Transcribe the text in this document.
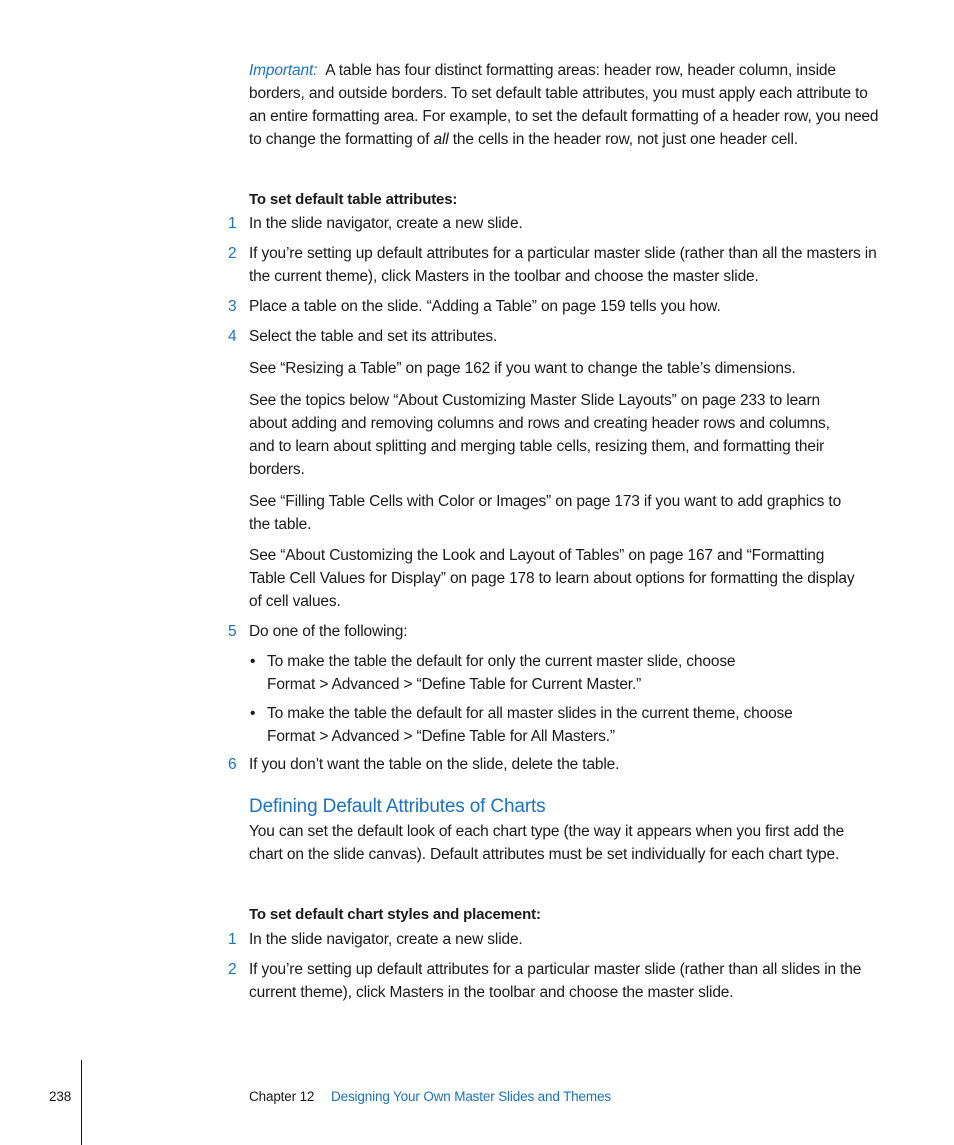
Important: A table has four distinct formatting areas: header row, header column, inside borders, and outside borders. To set default table attributes, you must apply each attribute to an entire formatting area. For example, to set the default formatting of a header row, you need to change the formatting of all the cells in the header row, not just one header cell.

To set default table attributes:
1 In the slide navigator, create a new slide.
2 If you’re setting up default attributes for a particular master slide (rather than all the masters in the current theme), click Masters in the toolbar and choose the master slide.
3 Place a table on the slide. “Adding a Table” on page 159 tells you how.
4 Select the table and set its attributes.
See “Resizing a Table” on page 162 if you want to change the table’s dimensions.
See the topics below “About Customizing Master Slide Layouts” on page 233 to learn about adding and removing columns and rows and creating header rows and columns, and to learn about splitting and merging table cells, resizing them, and formatting their borders.
See “Filling Table Cells with Color or Images” on page 173 if you want to add graphics to the table.
See “About Customizing the Look and Layout of Tables” on page 167 and “Formatting Table Cell Values for Display” on page 178 to learn about options for formatting the display of cell values.
5 Do one of the following:
• To make the table the default for only the current master slide, choose
Format > Advanced > “Define Table for Current Master.”
• To make the table the default for all master slides in the current theme, choose
Format > Advanced > “Define Table for All Masters.”
6 If you don’t want the table on the slide, delete the table.
Defining Default Attributes of Charts
You can set the default look of each chart type (the way it appears when you first add the chart on the slide canvas). Default attributes must be set individually for each chart type.
To set default chart styles and placement:
1 In the slide navigator, create a new slide.
2 If you’re setting up default attributes for a particular master slide (rather than all slides in the current theme), click Masters in the toolbar and choose the master slide.
238	Chapter 12 Designing Your Own Master Slides and Themes
